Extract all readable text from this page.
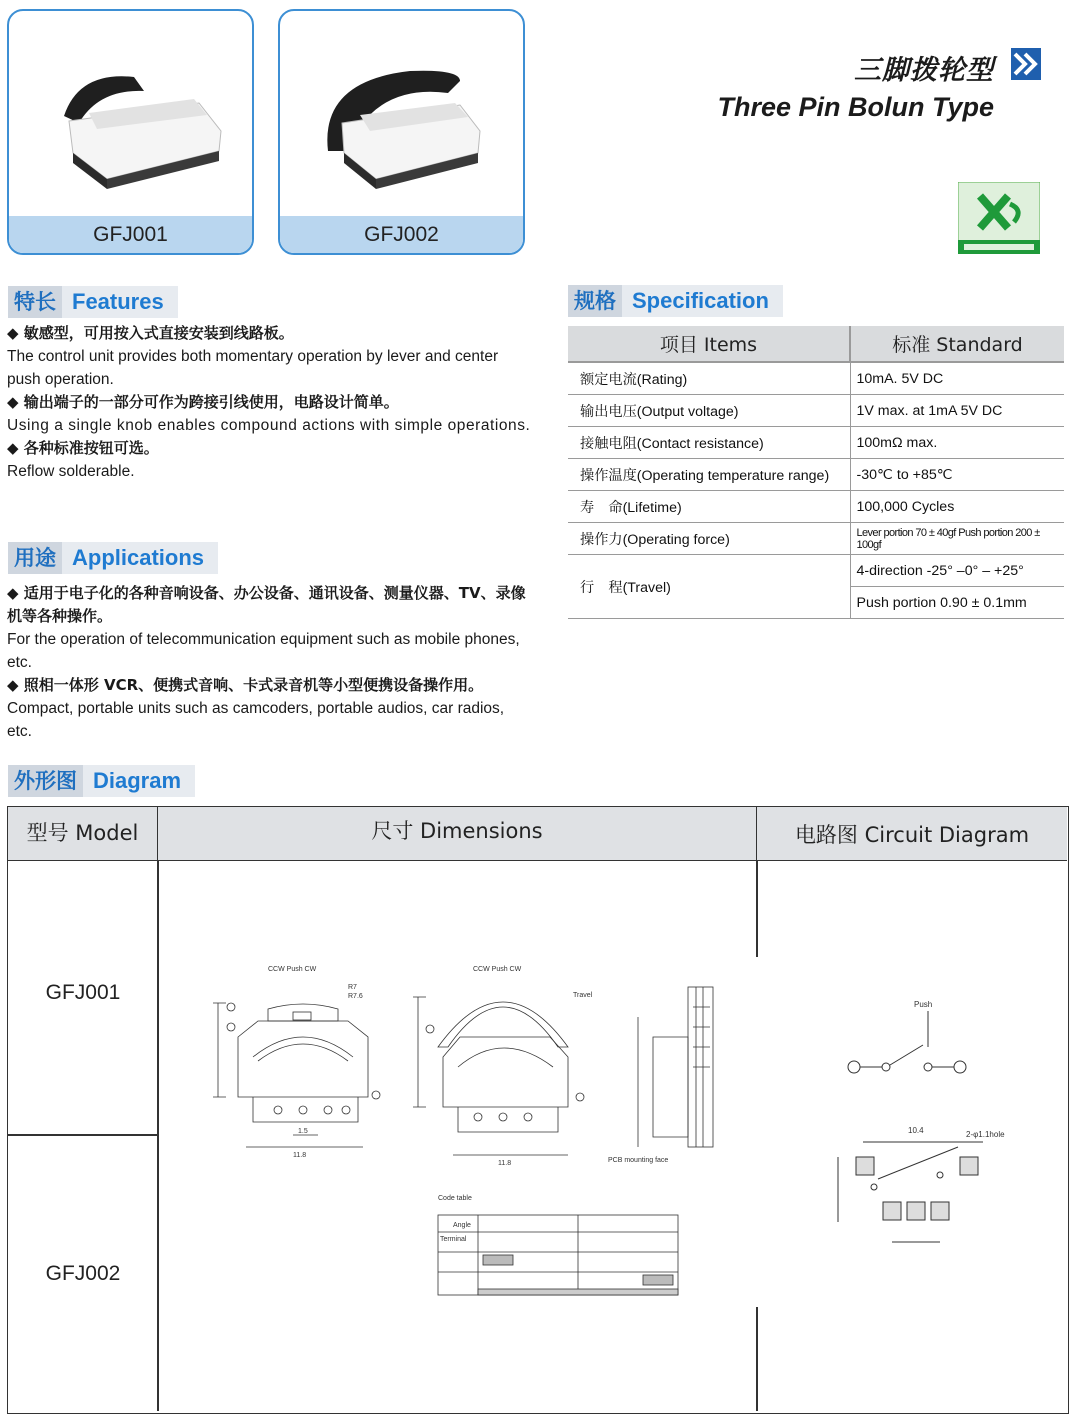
GFJ001	GFJ002
三脚拨轮型
Three Pin Bolun Type
特长 Features
◆ 敏感型，可用按入式直接安装到线路板。
The control unit provides both momentary operation by lever and center push operation.
◆ 输出端子的一部分可作为跨接引线使用，电路设计简单。
Using a single knob enables compound actions with simple operations.
◆ 各种标准按钮可选。
Reflow solderable.
用途 Applications
◆ 适用于电子化的各种音响设备、办公设备、通讯设备、测量仪器、TV、录像机等各种操作。
For the operation of telecommunication equipment such as mobile phones, etc.
◆ 照相一体形 VCR、便携式音响、卡式录音机等小型便携设备操作用。
Compact, portable units such as camcoders, portable audios, car radios, etc.
规格 Specification
项目 Items	标准 Standard
额定电流(Rating)	10mA. 5V DC
输出电压(Output voltage)	1V max. at 1mA 5V DC
接触电阻(Contact resistance)	100mΩ max.
操作温度(Operating temperature range)	-30℃ to +85℃
寿　命(Lifetime)	100,000 Cycles
操作力(Operating force)	Lever portion 70 ± 40gf Push portion 200 ± 100gf
行　程(Travel)	4-direction -25° –0° – +25°
	Push portion 0.90 ± 0.1mm
外形图 Diagram
型号 Model	尺寸 Dimensions	电路图 Circuit Diagram
GFJ001
GFJ002
CCW Push CW
R7
R7.6
11.8
1.5
CCW Push CW
Travel
11.8	PCB mounting face
Code table
Angle
Terminal
Push
10.4	2-φ1.1hole
